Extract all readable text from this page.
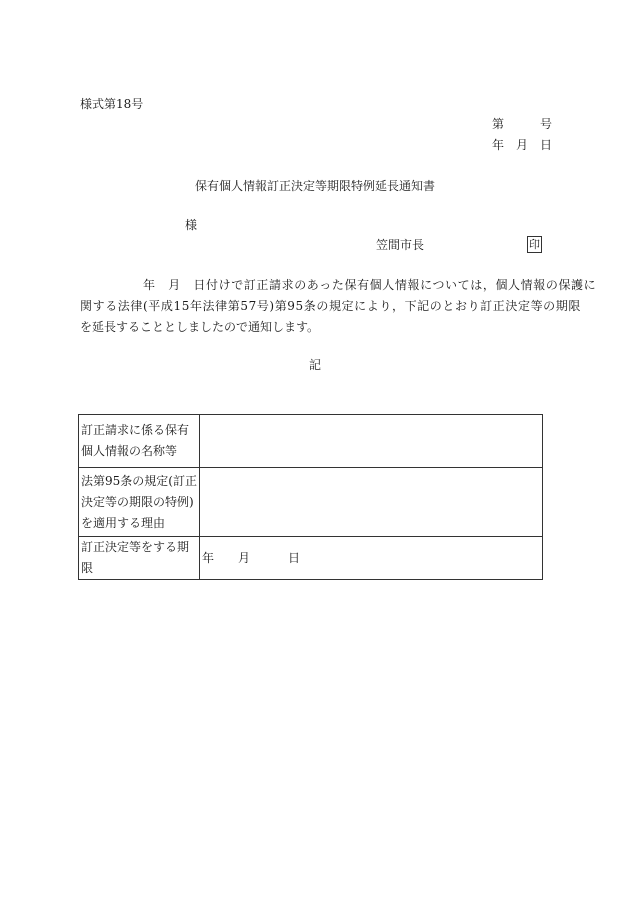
様式第18号
第	号
年 月 日
保有個人情報訂正決定等期限特例延長通知書
様
笠間市長	印
　　　　　年　月　日付けで訂正請求のあった保有個人情報については，個人情報の保護に
関する法律(平成15年法律第57号)第95条の規定により，下記のとおり訂正決定等の期限
を延長することとしましたので通知します。
記
訂正請求に係る保有個人情報の名称等	
法第95条の規定(訂正決定等の期限の特例)を適用する理由	
訂正決定等をする期限	年 月 日
